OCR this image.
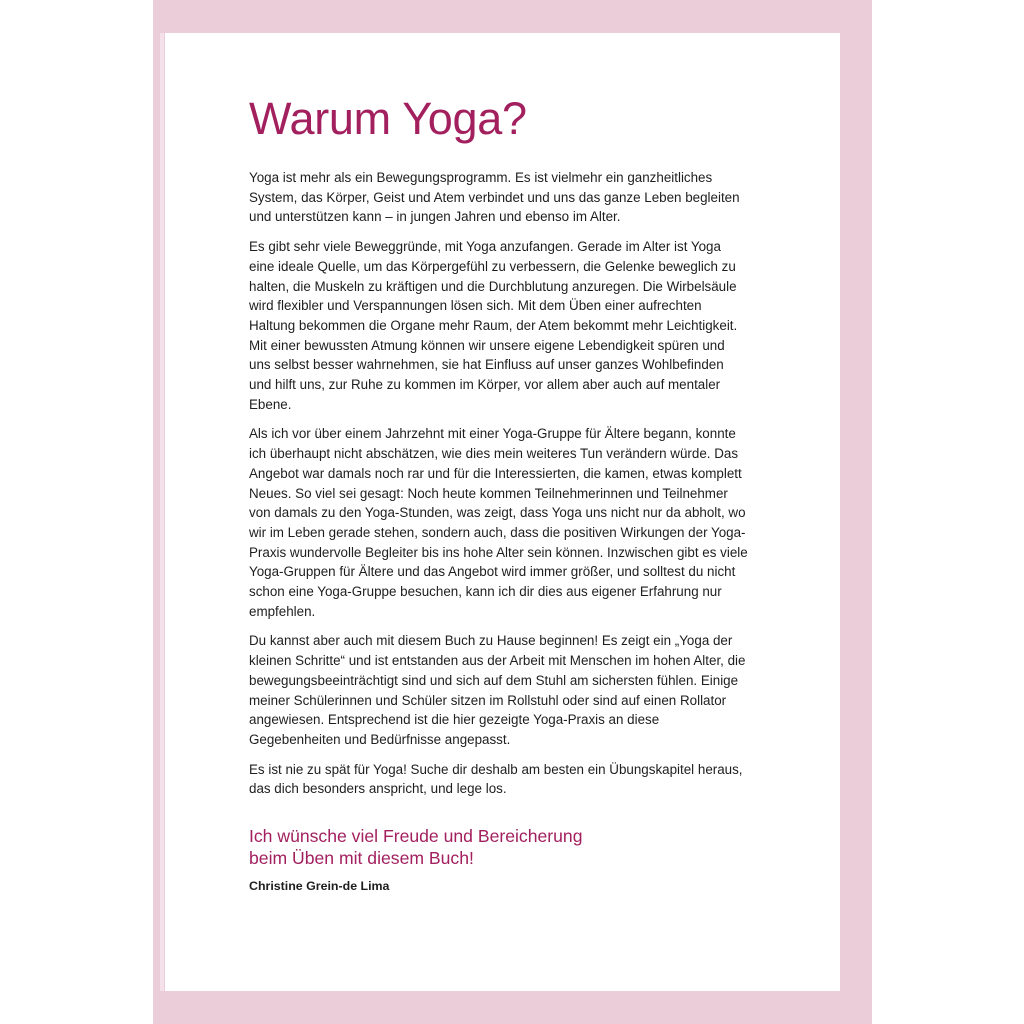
Warum Yoga?

Yoga ist mehr als ein Bewegungsprogramm. Es ist vielmehr ein ganzheitliches System, das Körper, Geist und Atem verbindet und uns das ganze Leben begleiten und unterstützen kann – in jungen Jahren und ebenso im Alter.

Es gibt sehr viele Beweggründe, mit Yoga anzufangen. Gerade im Alter ist Yoga eine ideale Quelle, um das Körpergefühl zu verbessern, die Gelenke beweglich zu halten, die Muskeln zu kräftigen und die Durchblutung anzuregen. Die Wirbelsäule wird flexibler und Verspannungen lösen sich. Mit dem Üben einer aufrechten Haltung bekommen die Organe mehr Raum, der Atem bekommt mehr Leichtigkeit. Mit einer bewussten Atmung können wir unsere eigene Lebendigkeit spüren und uns selbst besser wahrnehmen, sie hat Einfluss auf unser ganzes Wohlbefinden und hilft uns, zur Ruhe zu kommen im Körper, vor allem aber auch auf mentaler Ebene.

Als ich vor über einem Jahrzehnt mit einer Yoga-Gruppe für Ältere begann, konnte ich überhaupt nicht abschätzen, wie dies mein weiteres Tun verändern würde. Das Angebot war damals noch rar und für die Interessierten, die kamen, etwas komplett Neues. So viel sei gesagt: Noch heute kommen Teilnehmerinnen und Teilnehmer von damals zu den Yoga-Stunden, was zeigt, dass Yoga uns nicht nur da abholt, wo wir im Leben gerade stehen, sondern auch, dass die positiven Wirkungen der Yoga-Praxis wundervolle Begleiter bis ins hohe Alter sein können. Inzwischen gibt es viele Yoga-Gruppen für Ältere und das Angebot wird immer größer, und solltest du nicht schon eine Yoga-Gruppe besuchen, kann ich dir dies aus eigener Erfahrung nur empfehlen.

Du kannst aber auch mit diesem Buch zu Hause beginnen! Es zeigt ein „Yoga der kleinen Schritte“ und ist entstanden aus der Arbeit mit Menschen im hohen Alter, die bewegungsbeeinträchtigt sind und sich auf dem Stuhl am sichersten fühlen. Einige meiner Schülerinnen und Schüler sitzen im Rollstuhl oder sind auf einen Rollator angewiesen. Entsprechend ist die hier gezeigte Yoga-Praxis an diese Gegebenheiten und Bedürfnisse angepasst.

Es ist nie zu spät für Yoga! Suche dir deshalb am besten ein Übungskapitel heraus, das dich besonders anspricht, und lege los.

Ich wünsche viel Freude und Bereicherung
beim Üben mit diesem Buch!

Christine Grein-de Lima
